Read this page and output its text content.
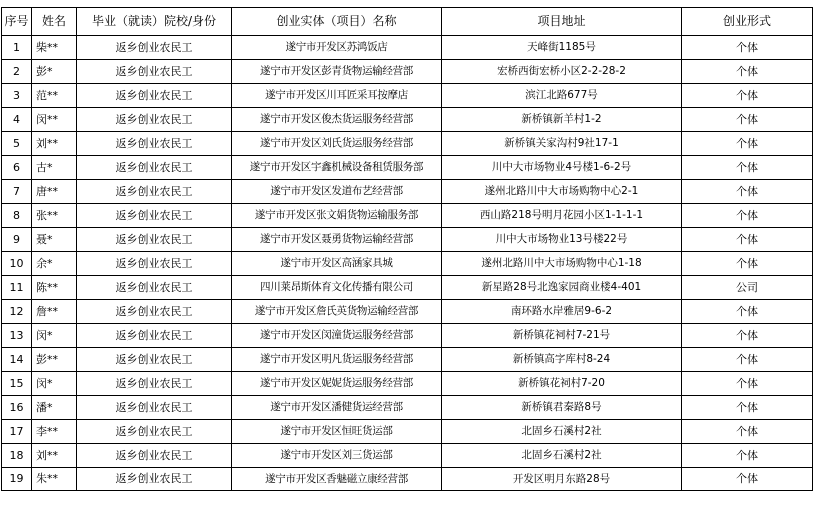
序号	姓名	毕业（就读）院校/身份	创业实体（项目）名称	项目地址	创业形式
1	柴**	返乡创业农民工	遂宁市开发区苏鸿饭店	天峰街1185号	个体
2	彭*	返乡创业农民工	遂宁市开发区彭青货物运输经营部	宏桥西街宏桥小区2-2-28-2	个体
3	范**	返乡创业农民工	遂宁市开发区川耳匠采耳按摩店	滨江北路677号	个体
4	闵**	返乡创业农民工	遂宁市开发区俊杰货运服务经营部	新桥镇新羊村1-2	个体
5	刘**	返乡创业农民工	遂宁市开发区刘氏货运服务经营部	新桥镇关家沟村9社17-1	个体
6	古*	返乡创业农民工	遂宁市开发区宇鑫机械设备租赁服务部	川中大市场物业4号楼1-6-2号	个体
7	唐**	返乡创业农民工	遂宁市开发区发道布艺经营部	遂州北路川中大市场购物中心2-1	个体
8	张**	返乡创业农民工	遂宁市开发区张文娟货物运输服务部	西山路218号明月花园小区1-1-1-1	个体
9	聂*	返乡创业农民工	遂宁市开发区聂勇货物运输经营部	川中大市场物业13号楼22号	个体
10	余*	返乡创业农民工	遂宁市开发区高涵家具城	遂州北路川中大市场购物中心1-18	个体
11	陈**	返乡创业农民工	四川莱昂斯体育文化传播有限公司	新星路28号北逸家园商业楼4-401	公司
12	詹**	返乡创业农民工	遂宁市开发区詹氏英货物运输经营部	南环路水岸雅居9-6-2	个体
13	闵*	返乡创业农民工	遂宁市开发区闵潼货运服务经营部	新桥镇花祠村7-21号	个体
14	彭**	返乡创业农民工	遂宁市开发区明凡货运服务经营部	新桥镇高字库村8-24	个体
15	闵*	返乡创业农民工	遂宁市开发区妮妮货运服务经营部	新桥镇花祠村7-20	个体
16	潘*	返乡创业农民工	遂宁市开发区潘健货运经营部	新桥镇君秦路8号	个体
17	李**	返乡创业农民工	遂宁市开发区恒旺货运部	北固乡石溪村2社	个体
18	刘**	返乡创业农民工	遂宁市开发区刘三货运部	北固乡石溪村2社	个体
19	朱**	返乡创业农民工	遂宁市开发区香魅磁立康经营部	开发区明月东路28号	个体
